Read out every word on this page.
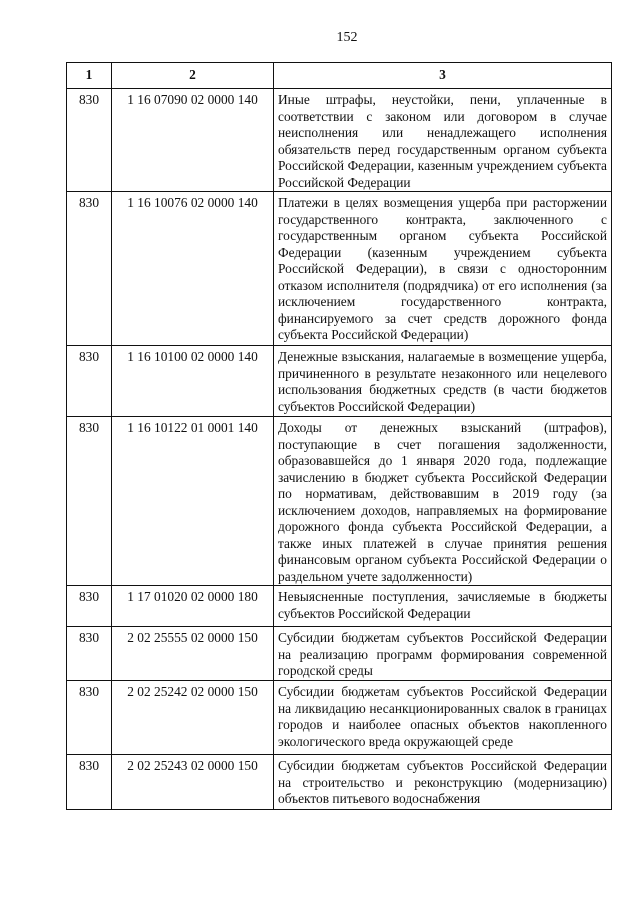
152
1	2	3
830	1 16 07090 02 0000 140	Иные штрафы, неустойки, пени, уплаченные в соответствии с законом или договором в случае неисполнения или ненадлежащего исполнения обязательств перед государственным органом субъекта Российской Федерации, казенным учреждением субъекта Российской Федерации
830	1 16 10076 02 0000 140	Платежи в целях возмещения ущерба при расторжении государственного контракта, заключенного с государственным органом субъекта Российской Федерации (казенным учреждением субъекта Российской Федерации), в связи с односторонним отказом исполнителя (подрядчика) от его исполнения (за исключением государственного контракта, финансируемого за счет средств дорожного фонда субъекта Российской Федерации)
830	1 16 10100 02 0000 140	Денежные взыскания, налагаемые в возмещение ущерба, причиненного в результате незаконного или нецелевого использования бюджетных средств (в части бюджетов субъектов Российской Федерации)
830	1 16 10122 01 0001 140	Доходы от денежных взысканий (штрафов), поступающие в счет погашения задолженности, образовавшейся до 1 января 2020 года, подлежащие зачислению в бюджет субъекта Российской Федерации по нормативам, действовавшим в 2019 году (за исключением доходов, направляемых на формирование дорожного фонда субъекта Российской Федерации, а также иных платежей в случае принятия решения финансовым органом субъекта Российской Федерации о раздельном учете задолженности)
830	1 17 01020 02 0000 180	Невыясненные поступления, зачисляемые в бюджеты субъектов Российской Федерации
830	2 02 25555 02 0000 150	Субсидии бюджетам субъектов Российской Федерации на реализацию программ формирования современной городской среды
830	2 02 25242 02 0000 150	Субсидии бюджетам субъектов Российской Федерации на ликвидацию несанкционированных свалок в границах городов и наиболее опасных объектов накопленного экологического вреда окружающей среде
830	2 02 25243 02 0000 150	Субсидии бюджетам субъектов Российской Федерации на строительство и реконструкцию (модернизацию) объектов питьевого водоснабжения
